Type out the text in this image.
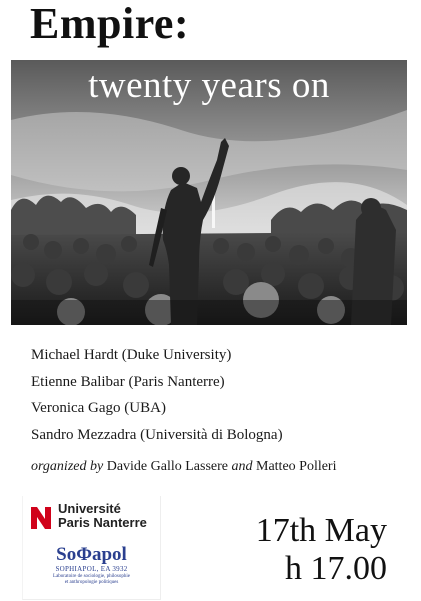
Empire:
twenty years on
Michael Hardt (Duke University)
Etienne Balibar (Paris Nanterre)
Veronica Gago (UBA)
Sandro Mezzadra (Università di Bologna)
organized by Davide Gallo Lassere and Matteo Polleri
Université
Paris Nanterre
SoΦapol
SOPHIAPOL, EA 3932
Laboratoire de sociologie, philosophie
et anthropologie politiques
17th May
h 17.00
